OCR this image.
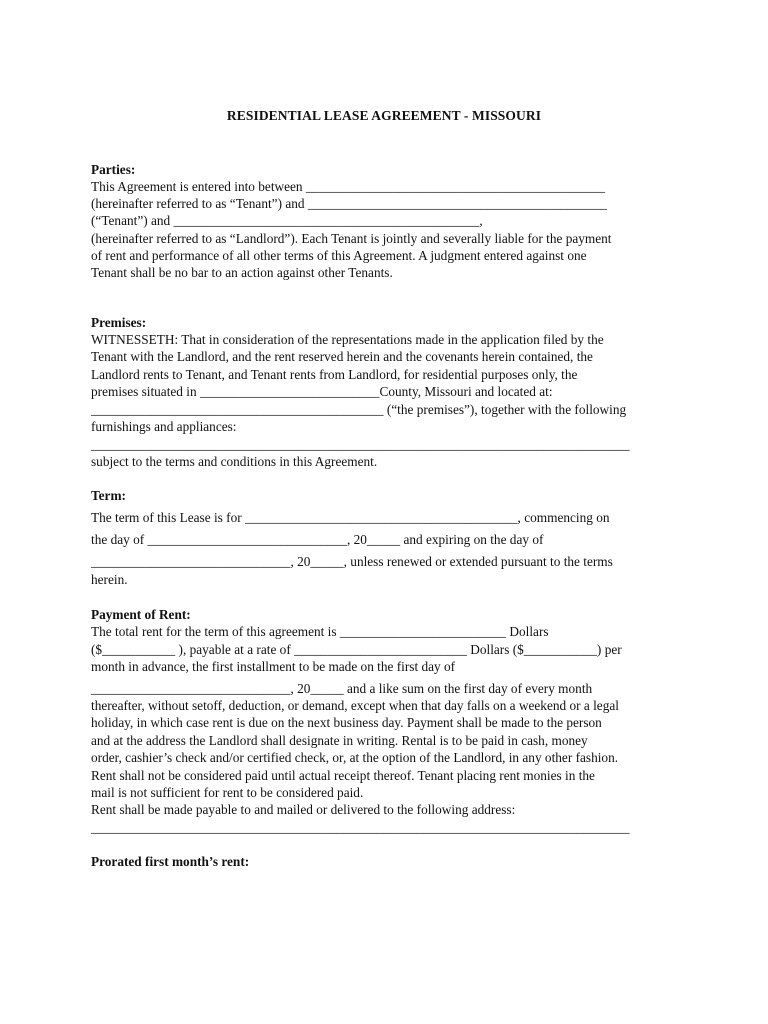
RESIDENTIAL LEASE AGREEMENT - MISSOURI
Parties:
This Agreement is entered into between _____________________________________________
(hereinafter referred to as “Tenant”) and _____________________________________________
(“Tenant”) and ______________________________________________,
(hereinafter referred to as “Landlord”). Each Tenant is jointly and severally liable for the payment
of rent and performance of all other terms of this Agreement. A judgment entered against one
Tenant shall be no bar to an action against other Tenants.
Premises:
WITNESSETH: That in consideration of the representations made in the application filed by the
Tenant with the Landlord, and the rent reserved herein and the covenants herein contained, the
Landlord rents to Tenant, and Tenant rents from Landlord, for residential purposes only, the
premises situated in ___________________________County, Missouri and located at:
____________________________________________ (“the premises”), together with the following
furnishings and appliances:
_________________________________________________________________________________
subject to the terms and conditions in this Agreement.
Term:
The term of this Lease is for _________________________________________, commencing on
the day of ______________________________, 20_____ and expiring on the day of
______________________________, 20_____, unless renewed or extended pursuant to the terms
herein.
Payment of Rent:
The total rent for the term of this agreement is _________________________ Dollars
($___________ ), payable at a rate of __________________________ Dollars ($___________) per
month in advance, the first installment to be made on the first day of
______________________________, 20_____ and a like sum on the first day of every month
thereafter, without setoff, deduction, or demand, except when that day falls on a weekend or a legal
holiday, in which case rent is due on the next business day. Payment shall be made to the person
and at the address the Landlord shall designate in writing. Rental is to be paid in cash, money
order, cashier’s check and/or certified check, or, at the option of the Landlord, in any other fashion.
Rent shall not be considered paid until actual receipt thereof. Tenant placing rent monies in the
mail is not sufficient for rent to be considered paid.
Rent shall be made payable to and mailed or delivered to the following address:
_________________________________________________________________________________
Prorated first month’s rent:
